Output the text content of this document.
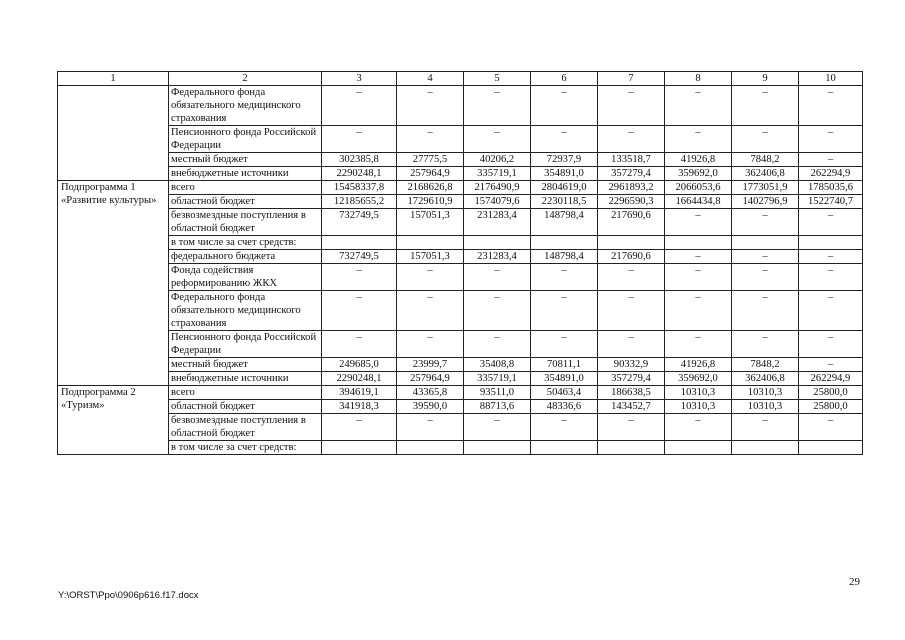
1	2	3	4	5	6	7	8	9	10
	Федерального фонда обязательного медицинского страхования	–	–	–	–	–	–	–	–
	Пенсионного фонда Российской Федерации	–	–	–	–	–	–	–	–
	местный бюджет	302385,8	27775,5	40206,2	72937,9	133518,7	41926,8	7848,2	–
	внебюджетные источники	2290248,1	257964,9	335719,1	354891,0	357279,4	359692,0	362406,8	262294,9
Подпрограмма 1 «Развитие культуры»	всего	15458337,8	2168626,8	2176490,9	2804619,0	2961893,2	2066053,6	1773051,9	1785035,6
	областной бюджет	12185655,2	1729610,9	1574079,6	2230118,5	2296590,3	1664434,8	1402796,9	1522740,7
	безвозмездные поступления в областной бюджет	732749,5	157051,3	231283,4	148798,4	217690,6	–	–	–
	в том числе за счет средств:								
	федерального бюджета	732749,5	157051,3	231283,4	148798,4	217690,6	–	–	–
	Фонда содействия реформированию ЖКХ	–	–	–	–	–	–	–	–
	Федерального фонда обязательного медицинского страхования	–	–	–	–	–	–	–	–
	Пенсионного фонда Российской Федерации	–	–	–	–	–	–	–	–
	местный бюджет	249685,0	23999,7	35408,8	70811,1	90332,9	41926,8	7848,2	–
	внебюджетные источники	2290248,1	257964,9	335719,1	354891,0	357279,4	359692,0	362406,8	262294,9
Подпрограмма 2 «Туризм»	всего	394619,1	43365,8	93511,0	50463,4	186638,5	10310,3	10310,3	25800,0
	областной бюджет	341918,3	39590,0	88713,6	48336,6	143452,7	10310,3	10310,3	25800,0
	безвозмездные поступления в областной бюджет	–	–	–	–	–	–	–	–
	в том числе за счет средств:								
29
Y:\ORST\Ppo\0906p616.f17.docx
